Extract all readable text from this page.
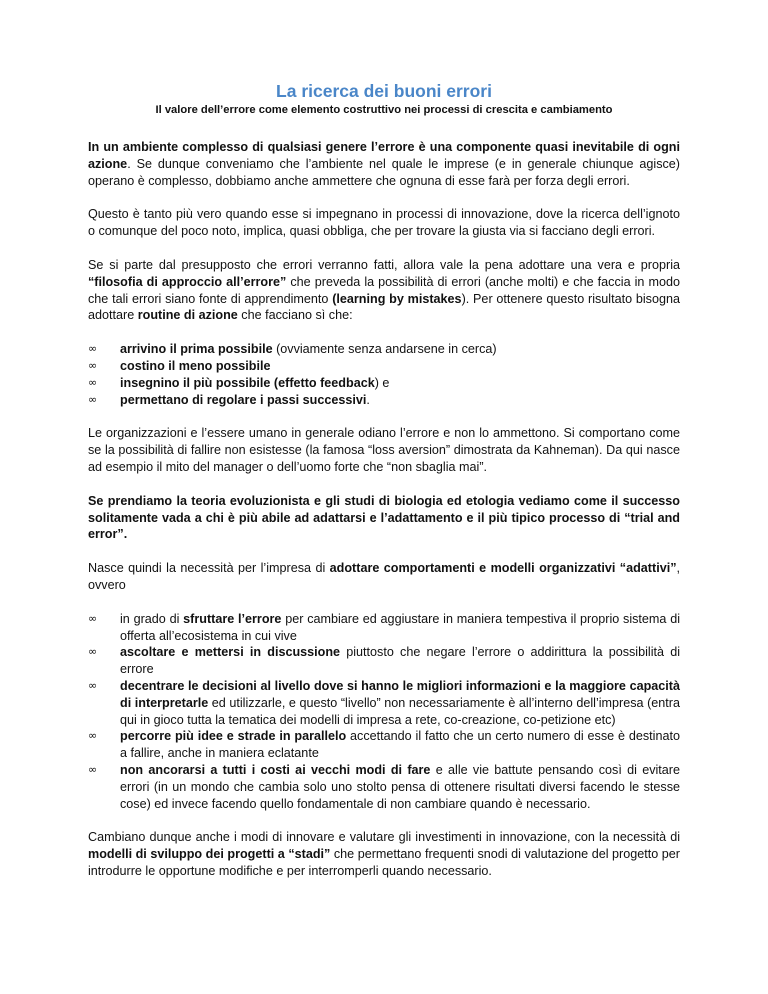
La ricerca dei buoni errori
Il valore dell’errore come elemento costruttivo nei processi di crescita e cambiamento

In un ambiente complesso di qualsiasi genere l’errore è una componente quasi inevitabile di ogni azione. Se dunque conveniamo che l’ambiente nel quale le imprese (e in generale chiunque agisce) operano è complesso, dobbiamo anche ammettere che ognuna di esse farà per forza degli errori.

Questo è tanto più vero quando esse si impegnano in processi di innovazione, dove la ricerca dell’ignoto o comunque del poco noto, implica, quasi obbliga, che per trovare la giusta via si facciano degli errori.

Se si parte dal presupposto che errori verranno fatti, allora vale la pena adottare una vera e propria “filosofia di approccio all’errore” che preveda la possibilità di errori (anche molti) e che faccia in modo che tali errori siano fonte di apprendimento (learning by mistakes). Per ottenere questo risultato bisogna adottare routine di azione che facciano sì che:

∞	arrivino il prima possibile (ovviamente senza andarsene in cerca)
∞	costino il meno possibile
∞	insegnino il più possibile (effetto feedback) e
∞	permettano di regolare i passi successivi.

Le organizzazioni e l’essere umano in generale odiano l’errore e non lo ammettono. Si comportano come se la possibilità di fallire non esistesse (la famosa “loss aversion” dimostrata da Kahneman). Da qui nasce ad esempio il mito del manager o dell’uomo forte che “non sbaglia mai”.

Se prendiamo la teoria evoluzionista e gli studi di biologia ed etologia vediamo come il successo solitamente vada a chi è più abile ad adattarsi e l’adattamento e il più tipico processo di “trial and error”.

Nasce quindi la necessità per l’impresa di adottare comportamenti e modelli organizzativi “adattivi”, ovvero

∞	in grado di sfruttare l’errore per cambiare ed aggiustare in maniera tempestiva il proprio sistema di offerta all’ecosistema in cui vive
∞	ascoltare e mettersi in discussione piuttosto che negare l’errore o addirittura la possibilità di errore
∞	decentrare le decisioni al livello dove si hanno le migliori informazioni e la maggiore capacità di interpretarle ed utilizzarle, e questo “livello” non necessariamente è all’interno dell’impresa (entra qui in gioco tutta la tematica dei modelli di impresa a rete, co-creazione, co-petizione etc)
∞	percorre più idee e strade in parallelo accettando il fatto che un certo numero di esse è destinato a fallire, anche in maniera eclatante
∞	non ancorarsi a tutti i costi ai vecchi modi di fare e alle vie battute pensando così di evitare errori (in un mondo che cambia solo uno stolto pensa di ottenere risultati diversi facendo le stesse cose) ed invece facendo quello fondamentale di non cambiare quando è necessario.

Cambiano dunque anche i modi di innovare e valutare gli investimenti in innovazione, con la necessità di modelli di sviluppo dei progetti a “stadi” che permettano frequenti snodi di valutazione del progetto per introdurre le opportune modifiche e per interromperli quando necessario.
